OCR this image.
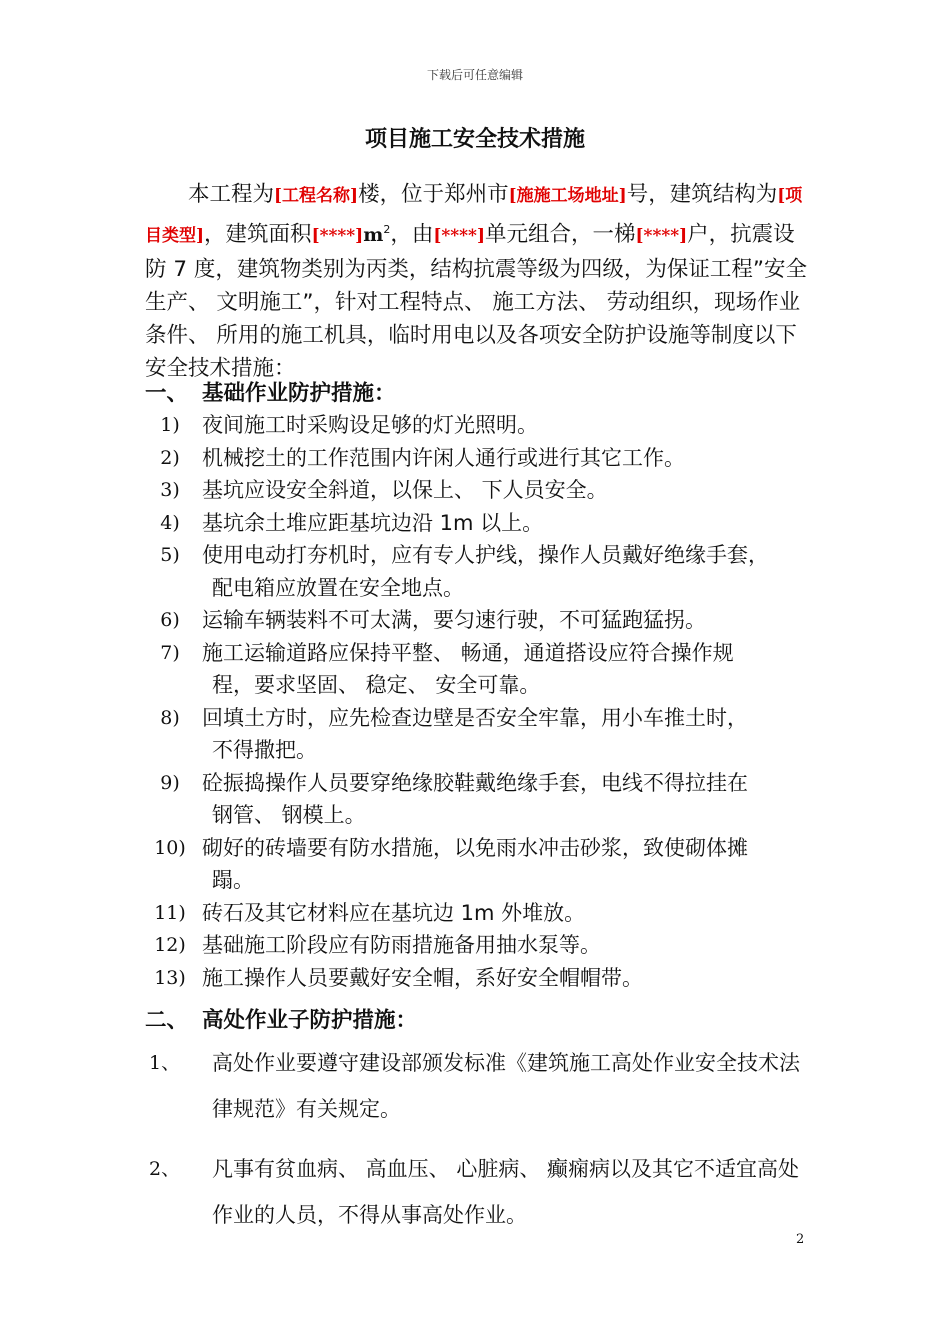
下载后可任意编辑
项目施工安全技术措施
本工程为[工程名称]楼，位于郑州市[施施工场地址]号，建筑结构为[项目类型]，建筑面积$[****]m^2$，由[****]单元组合，一梯[****]户，抗震设防 7 度，建筑物类别为丙类，结构抗震等级为四级，为保证工程”安全生产、 文明施工”，针对工程特点、 施工方法、 劳动组织，现场作业条件、 所用的施工机具，临时用电以及各项安全防护设施等制度以下安全技术措施：
一、 基础作业防护措施：
1)	夜间施工时采购设足够的灯光照明。
2)	机械挖土的工作范围内许闲人通行或进行其它工作。
3)	基坑应设安全斜道，以保上、 下人员安全。
4)	基坑余土堆应距基坑边沿 1m 以上。
5)	使用电动打夯机时，应有专人护线，操作人员戴好绝缘手套，
配电箱应放置在安全地点。
6)	运输车辆装料不可太满，要匀速行驶，不可猛跑猛拐。
7)	施工运输道路应保持平整、 畅通，通道搭设应符合操作规
程，要求坚固、 稳定、 安全可靠。
8)	回填土方时，应先检查边壁是否安全牢靠，用小车推土时，
不得撒把。
9)	砼振捣操作人员要穿绝缘胶鞋戴绝缘手套，电线不得拉挂在
钢管、 钢模上。
10) 砌好的砖墙要有防水措施，以免雨水冲击砂浆，致使砌体摊
蹋。
11) 砖石及其它材料应在基坑边 1m 外堆放。
12) 基础施工阶段应有防雨措施备用抽水泵等。
13) 施工操作人员要戴好安全帽，系好安全帽帽带。
二、 高处作业子防护措施：
1、 高处作业要遵守建设部颁发标准《建筑施工高处作业安全技术法律规范》有关规定。
2、 凡事有贫血病、 高血压、 心脏病、 癫痫病以及其它不适宜高处作业的人员，不得从事高处作业。
2
